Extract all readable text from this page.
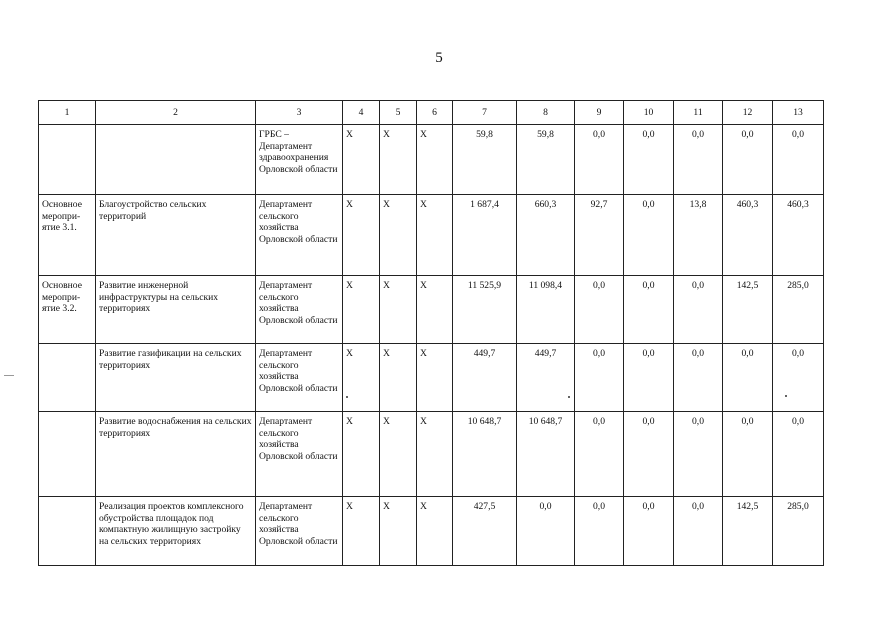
5
1	2	3	4	5	6	7	8	9	10	11	12	13
		ГРБС – Департамент здравоохранения Орловской области	Х	Х	Х	59,8	59,8	0,0	0,0	0,0	0,0	0,0
Основное меропри-ятие 3.1.	Благоустройство сельских территорий	Департамент сельского хозяйства Орловской области	Х	Х	Х	1 687,4	660,3	92,7	0,0	13,8	460,3	460,3
Основное меропри-ятие 3.2.	Развитие инженерной инфраструктуры на сельских территориях	Департамент сельского хозяйства Орловской области	Х	Х	Х	11 525,9	11 098,4	0,0	0,0	0,0	142,5	285,0
	Развитие газификации на сельских территориях	Департамент сельского хозяйства Орловской области	Х	Х	Х	449,7	449,7	0,0	0,0	0,0	0,0	0,0
	Развитие водоснабжения на сельских территориях	Департамент сельского хозяйства Орловской области	Х	Х	Х	10 648,7	10 648,7	0,0	0,0	0,0	0,0	0,0
	Реализация проектов комплексного обустройства площадок под компактную жилищную застройку на сельских территориях	Департамент сельского хозяйства Орловской области	Х	Х	Х	427,5	0,0	0,0	0,0	0,0	142,5	285,0
